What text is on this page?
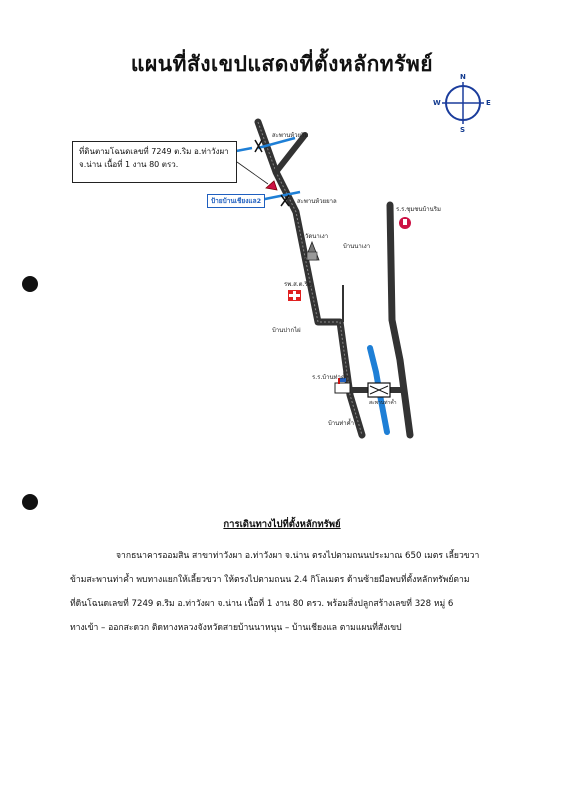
แผนที่สังเขปแสดงที่ตั้งหลักทรัพย์
N
S
E
W
ที่ดินตามโฉนดเลขที่ 7249 ต.ริม อ.ท่าวังผา
จ.น่าน เนื้อที่ 1 งาน 80 ตรว.
ป้ายบ้านเชียงแล2
สะพานห้วยริม
สะพานห้วยยาล
วัดนาเงา
บ้านนาเงา
รพ.ส.ต.ริม
บ้านปากไผ่
ร.ร.บ้านท่าค้ำ
บ้านท่าค้ำ
ร.ร.ชุมชนบ้านริม
สะพานท่าค้ำ
การเดินทางไปที่ตั้งหลักทรัพย์
จากธนาคารออมสิน สาขาท่าวังผา อ.ท่าวังผา จ.น่าน ตรงไปตามถนนประมาณ 650 เมตร เลี้ยวขวา
ข้ามสะพานท่าค้ำ พบทางแยกให้เลี้ยวขวา ให้ตรงไปตามถนน 2.4 กิโลเมตร ด้านซ้ายมือพบที่ตั้งหลักทรัพย์ตาม
ที่ดินโฉนดเลขที่ 7249 ต.ริม อ.ท่าวังผา จ.น่าน เนื้อที่ 1 งาน 80 ตรว. พร้อมสิ่งปลูกสร้างเลขที่ 328 หมู่ 6
ทางเข้า – ออกสะดวก ติดทางหลวงจังหวัดสายบ้านนาหนุน – บ้านเชียงแล ตามแผนที่สังเขป
